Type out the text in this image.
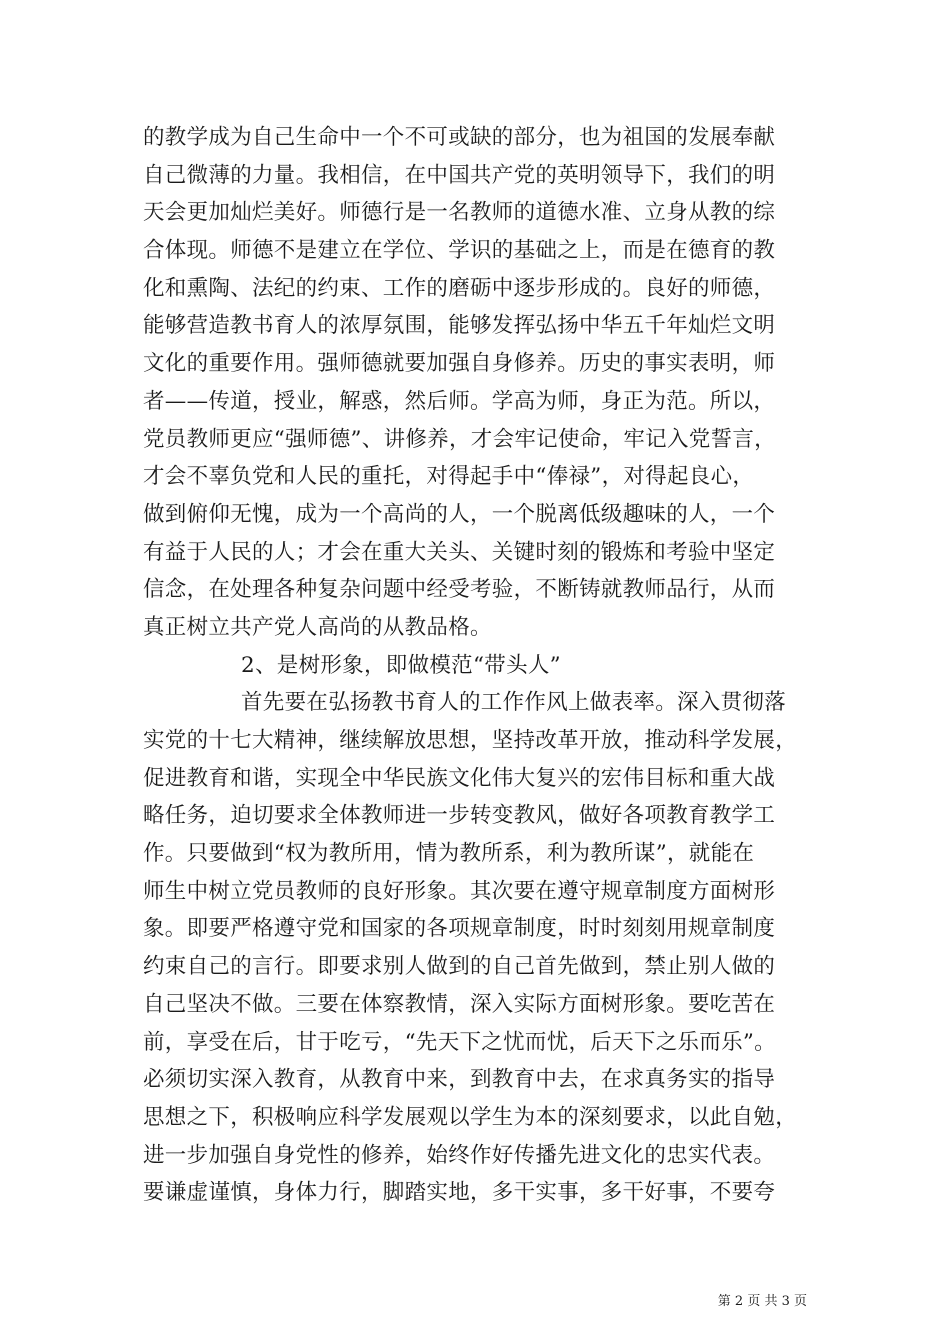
的教学成为自己生命中一个不可或缺的部分，也为祖国的发展奉献
自己微薄的力量。我相信，在中国共产党的英明领导下，我们的明
天会更加灿烂美好。师德行是一名教师的道德水准、立身从教的综
合体现。师德不是建立在学位、学识的基础之上，而是在德育的教
化和熏陶、法纪的约束、工作的磨砺中逐步形成的。良好的师德，
能够营造教书育人的浓厚氛围，能够发挥弘扬中华五千年灿烂文明
文化的重要作用。强师德就要加强自身修养。历史的事实表明，师
者——传道，授业，解惑，然后师。学高为师，身正为范。所以，
党员教师更应“强师德”、讲修养，才会牢记使命，牢记入党誓言，
才会不辜负党和人民的重托，对得起手中“俸禄”，对得起良心，
做到俯仰无愧，成为一个高尚的人，一个脱离低级趣味的人，一个
有益于人民的人；才会在重大关头、关键时刻的锻炼和考验中坚定
信念，在处理各种复杂问题中经受考验，不断铸就教师品行，从而
真正树立共产党人高尚的从教品格。
2、是树形象，即做模范“带头人”
首先要在弘扬教书育人的工作作风上做表率。深入贯彻落
实党的十七大精神，继续解放思想，坚持改革开放，推动科学发展，
促进教育和谐，实现全中华民族文化伟大复兴的宏伟目标和重大战
略任务，迫切要求全体教师进一步转变教风，做好各项教育教学工
作。只要做到“权为教所用，情为教所系，利为教所谋”，就能在
师生中树立党员教师的良好形象。其次要在遵守规章制度方面树形
象。即要严格遵守党和国家的各项规章制度，时时刻刻用规章制度
约束自己的言行。即要求别人做到的自己首先做到，禁止别人做的
自己坚决不做。三要在体察教情，深入实际方面树形象。要吃苦在
前，享受在后，甘于吃亏，“先天下之忧而忧，后天下之乐而乐”。
必须切实深入教育，从教育中来，到教育中去，在求真务实的指导
思想之下，积极响应科学发展观以学生为本的深刻要求，以此自勉，
进一步加强自身党性的修养，始终作好传播先进文化的忠实代表。
要谦虚谨慎，身体力行，脚踏实地，多干实事，多干好事，不要夸
第 2 页 共 3 页
